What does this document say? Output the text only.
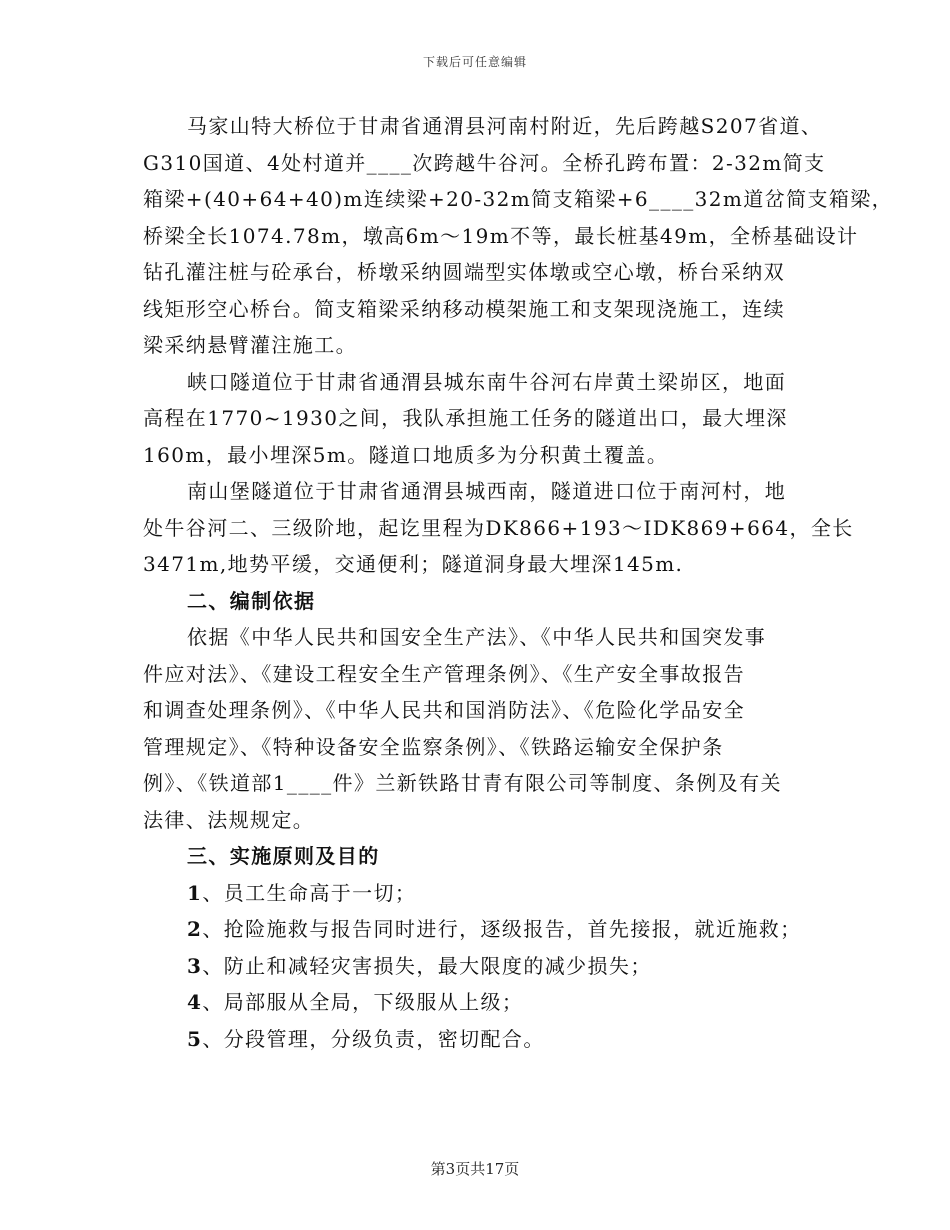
下载后可任意编辑

马家山特大桥位于甘肃省通渭县河南村附近，先后跨越S207省道、

G310国道、4处村道并____次跨越牛谷河。全桥孔跨布置：2-32m简支

箱梁+(40+64+40)m连续梁+20-32m简支箱梁+6____32m道岔简支箱梁，

桥梁全长1074.78m，墩高6m～19m不等，最长桩基49m，全桥基础设计

钻孔灌注桩与砼承台，桥墩采纳圆端型实体墩或空心墩，桥台采纳双

线矩形空心桥台。简支箱梁采纳移动模架施工和支架现浇施工，连续

梁采纳悬臂灌注施工。

峡口隧道位于甘肃省通渭县城东南牛谷河右岸黄土梁峁区，地面

高程在1770~1930之间，我队承担施工任务的隧道出口，最大埋深

160m，最小埋深5m。隧道口地质多为分积黄土覆盖。

南山堡隧道位于甘肃省通渭县城西南，隧道进口位于南河村，地

处牛谷河二、三级阶地，起讫里程为DK866+193～IDK869+664，全长

3471m,地势平缓，交通便利；隧道洞身最大埋深145m.

二、编制依据

依据《中华人民共和国安全生产法》、《中华人民共和国突发事

件应对法》、《建设工程安全生产管理条例》、《生产安全事故报告

和调查处理条例》、《中华人民共和国消防法》、《危险化学品安全

管理规定》、《特种设备安全监察条例》、《铁路运输安全保护条

例》、《铁道部1____件》兰新铁路甘青有限公司等制度、条例及有关

法律、法规规定。

三、实施原则及目的

1、员工生命高于一切；

2、抢险施救与报告同时进行，逐级报告，首先接报，就近施救；

3、防止和减轻灾害损失，最大限度的减少损失；

4、局部服从全局，下级服从上级；

5、分段管理，分级负责，密切配合。

第3页共17页
